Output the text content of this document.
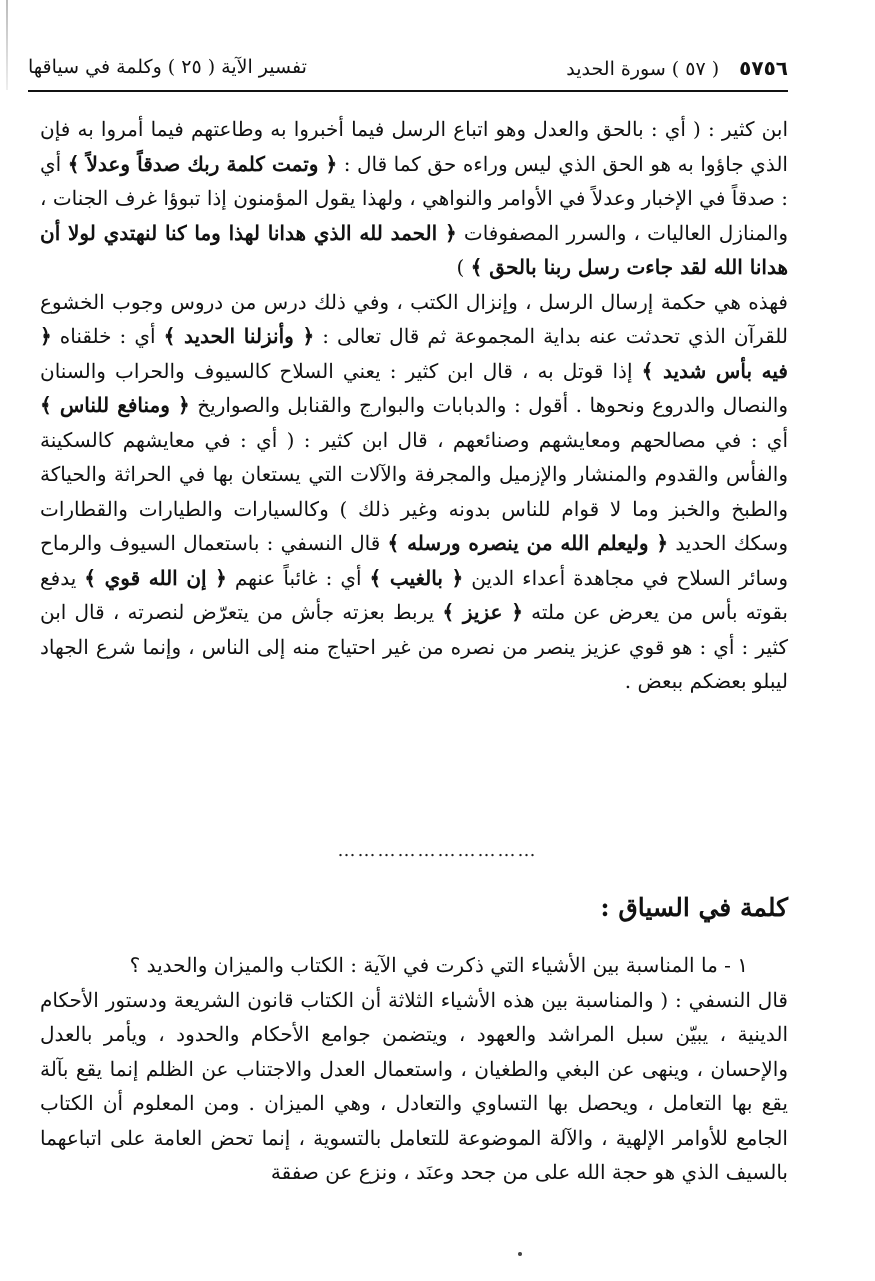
٥٧٥٦ ( ٥٧ ) سورة الحديد
تفسير الآية ( ٢٥ ) وكلمة في سياقها

ابن كثير : ( أي : بالحق والعدل وهو اتباع الرسل فيما أخبروا به وطاعتهم فيما أمروا به فإن الذي جاؤوا به هو الحق الذي ليس وراءه حق كما قال : ﴿ وتمت كلمة ربك صدقاً وعدلاً ﴾ أي : صدقاً في الإخبار وعدلاً في الأوامر والنواهي ، ولهذا يقول المؤمنون إذا تبوؤا غرف الجنات ، والمنازل العاليات ، والسرر المصفوفات ﴿ الحمد لله الذي هدانا لهذا وما كنا لنهتدي لولا أن هدانا الله لقد جاءت رسل ربنا بالحق ﴾ )

فهذه هي حكمة إرسال الرسل ، وإنزال الكتب ، وفي ذلك درس من دروس وجوب الخشوع للقرآن الذي تحدثت عنه بداية المجموعة ثم قال تعالى : ﴿ وأنزلنا الحديد ﴾ أي : خلقناه ﴿ فيه بأس شديد ﴾ إذا قوتل به ، قال ابن كثير : يعني السلاح كالسيوف والحراب والسنان والنصال والدروع ونحوها . أقول : والدبابات والبوارج والقنابل والصواريخ ﴿ ومنافع للناس ﴾ أي : في مصالحهم ومعايشهم وصنائعهم ، قال ابن كثير : ( أي : في معايشهم كالسكينة والفأس والقدوم والمنشار والإزميل والمجرفة والآلات التي يستعان بها في الحراثة والحياكة والطبخ والخبز وما لا قوام للناس بدونه وغير ذلك ) وكالسيارات والطيارات والقطارات وسكك الحديد ﴿ وليعلم الله من ينصره ورسله ﴾ قال النسفي : باستعمال السيوف والرماح وسائر السلاح في مجاهدة أعداء الدين ﴿ بالغيب ﴾ أي : غائباً عنهم ﴿ إن الله قوي ﴾ يدفع بقوته بأس من يعرض عن ملته ﴿ عزيز ﴾ يربط بعزته جأش من يتعرّض لنصرته ، قال ابن كثير : أي : هو قوي عزيز ينصر من نصره من غير احتياج منه إلى الناس ، وإنما شرع الجهاد ليبلو بعضكم ببعض .

…………………………
كلمة في السياق :

١ - ما المناسبة بين الأشياء التي ذكرت في الآية : الكتاب والميزان والحديد ؟

قال النسفي : ( والمناسبة بين هذه الأشياء الثلاثة أن الكتاب قانون الشريعة ودستور الأحكام الدينية ، يبيّن سبل المراشد والعهود ، ويتضمن جوامع الأحكام والحدود ، ويأمر بالعدل والإحسان ، وينهى عن البغي والطغيان ، واستعمال العدل والاجتناب عن الظلم إنما يقع بآلة يقع بها التعامل ، ويحصل بها التساوي والتعادل ، وهي الميزان . ومن المعلوم أن الكتاب الجامع للأوامر الإلهية ، والآلة الموضوعة للتعامل بالتسوية ، إنما تحض العامة على اتباعهما بالسيف الذي هو حجة الله على من جحد وعنَد ، ونزع عن صفقة
